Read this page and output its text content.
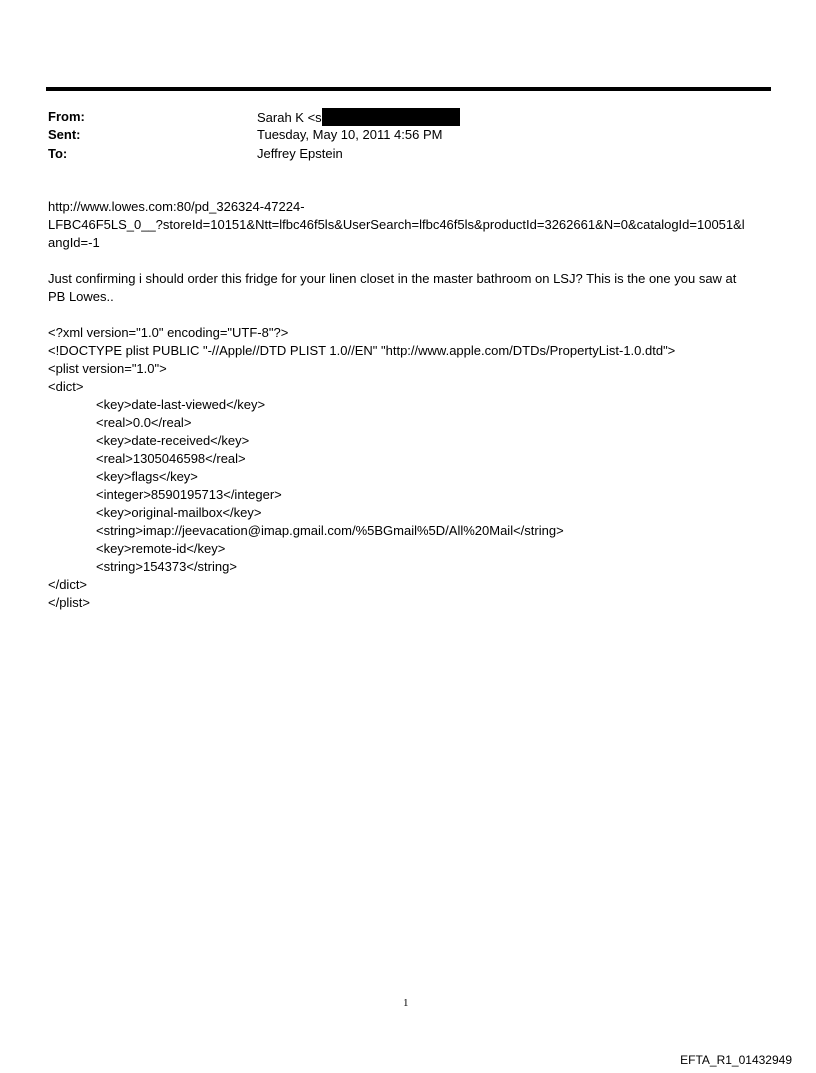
From:	Sarah K <s
Sent:	Tuesday, May 10, 2011 4:56 PM
To:	Jeffrey Epstein
http://www.lowes.com:80/pd_326324-47224-
LFBC46F5LS_0__?storeId=10151&Ntt=lfbc46f5ls&UserSearch=lfbc46f5ls&productId=3262661&N=0&catalogId=10051&l
angId=-1
Just confirming i should order this fridge for your linen closet in the master bathroom on LSJ? This is the one you saw at
PB Lowes..
<?xml version="1.0" encoding="UTF-8"?>
<!DOCTYPE plist PUBLIC "-//Apple//DTD PLIST 1.0//EN" "http://www.apple.com/DTDs/PropertyList-1.0.dtd">
<plist version="1.0">
<dict>
<key>date-last-viewed</key>
<real>0.0</real>
<key>date-received</key>
<real>1305046598</real>
<key>flags</key>
<integer>8590195713</integer>
<key>original-mailbox</key>
<string>imap://jeevacation@imap.gmail.com/%5BGmail%5D/All%20Mail</string>
<key>remote-id</key>
<string>154373</string>
</dict>
</plist>
1
EFTA_R1_01432949
